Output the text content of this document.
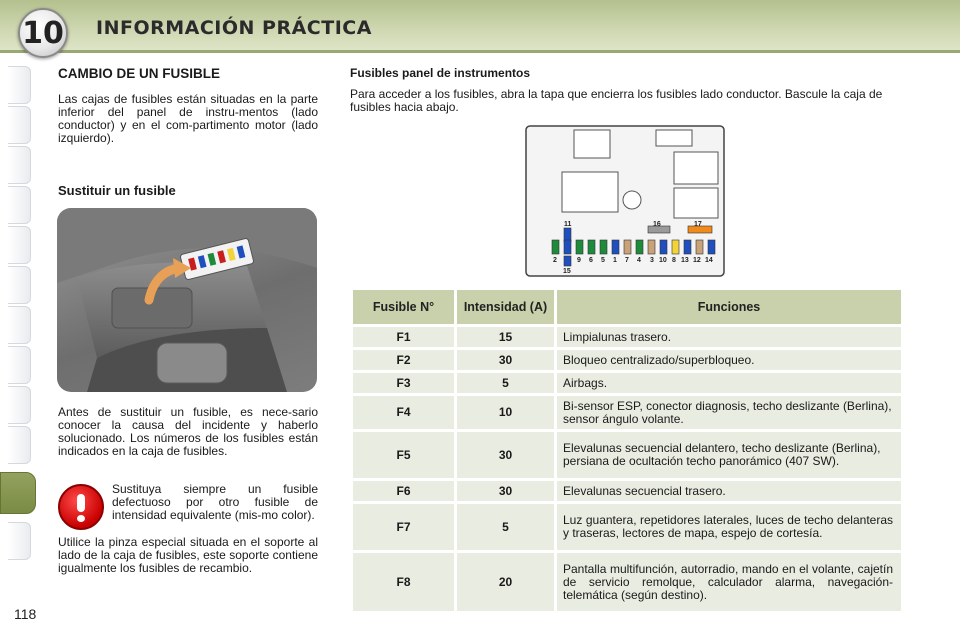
10 INFORMACIÓN PRÁCTICA
118
CAMBIO DE UN FUSIBLE
Las cajas de fusibles están situadas en la parte inferior del panel de instru-mentos (lado conductor) y en el com-partimento motor (lado izquierdo).
Sustituir un fusible
Antes de sustituir un fusible, es nece-sario conocer la causa del incidente y haberlo solucionado. Los números de los fusibles están indicados en la caja de fusibles.
Sustituya siempre un fusible defectuoso por otro fusible de intensidad equivalente (mis-mo color).
Utilice la pinza especial situada en el soporte al lado de la caja de fusibles, este soporte contiene igualmente los fusibles de recambio.
Fusibles panel de instrumentos
Para acceder a los fusibles, abra la tapa que encierra los fusibles lado conductor. Bascule la caja de fusibles hacia abajo.
11	16	17
2	9 6 5 1 7 4 3 10 8 13 12 14
15
Fusible N°	Intensidad (A)	Funciones
F1	15	Limpialunas trasero.
F2	30	Bloqueo centralizado/superbloqueo.
F3	5	Airbags.
F4	10	Bi-sensor ESP, conector diagnosis, techo deslizante (Berlina), sensor ángulo volante.
F5	30	Elevalunas secuencial delantero, techo deslizante (Berlina), persiana de ocultación techo panorámico (407 SW).
F6	30	Elevalunas secuencial trasero.
F7	5	Luz guantera, repetidores laterales, luces de techo delanteras y traseras, lectores de mapa, espejo de cortesía.
F8	20	Pantalla multifunción, autorradio, mando en el volante, cajetín de servicio remolque, calculador alarma, navegación-telemática (según destino).
